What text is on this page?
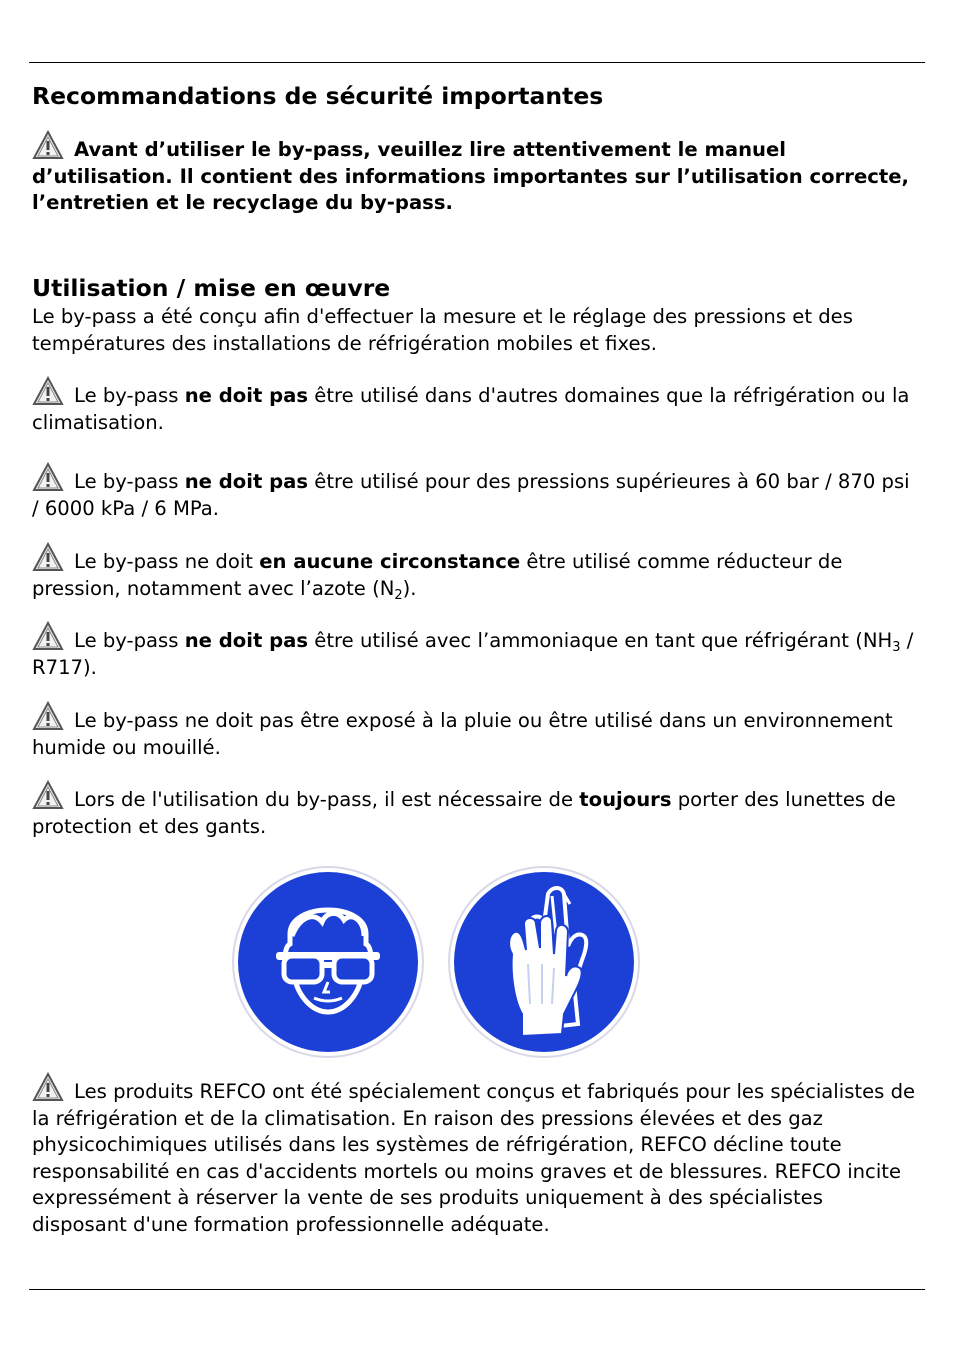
Recommandations de sécurité importantes

Avant d’utiliser le by-pass, veuillez lire attentivement le manuel d’utilisation. Il contient des informations importantes sur l’utilisation correcte, l’entretien et le recyclage du by-pass.

Utilisation / mise en œuvre

Le by-pass a été conçu afin d'effectuer la mesure et le réglage des pressions et des températures des installations de réfrigération mobiles et fixes.

Le by-pass ne doit pas être utilisé dans d'autres domaines que la réfrigération ou la climatisation.

Le by-pass ne doit pas être utilisé pour des pressions supérieures à 60 bar / 870 psi / 6000 kPa / 6 MPa.

Le by-pass ne doit en aucune circonstance être utilisé comme réducteur de pression, notamment avec l’azote $(N_2)$.

Le by-pass ne doit pas être utilisé avec l’ammoniaque en tant que réfrigérant $(NH_3 / R717)$.

Le by-pass ne doit pas être exposé à la pluie ou être utilisé dans un environnement humide ou mouillé.

Lors de l'utilisation du by-pass, il est nécessaire de toujours porter des lunettes de protection et des gants.

Les produits REFCO ont été spécialement conçus et fabriqués pour les spécialistes de la réfrigération et de la climatisation. En raison des pressions élevées et des gaz physicochimiques utilisés dans les systèmes de réfrigération, REFCO décline toute responsabilité en cas d'accidents mortels ou moins graves et de blessures. REFCO incite expressément à réserver la vente de ses produits uniquement à des spécialistes disposant d'une formation professionnelle adéquate.
